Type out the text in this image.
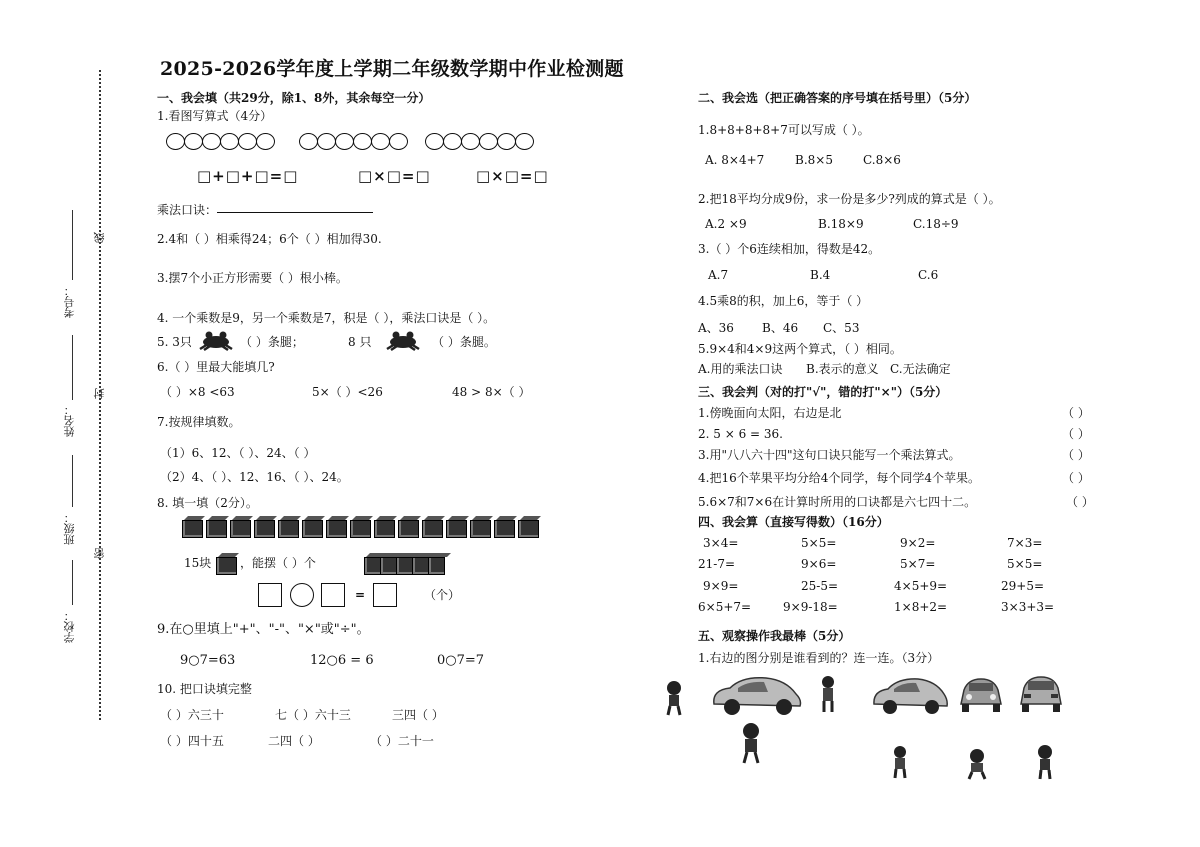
2025-2026学年度上学期二年级数学期中作业检测题
线
封
密
考号：
姓名：
班级：
学校：
一、我会填（共29分，除1、8外，其余每空一分）
1.看图写算式（4分）
□+□+□=□	□×□=□	□×□=□
乘法口诀：
2.4和（ ）相乘得24；6个（ ）相加得30.
3.摆7个小正方形需要（ ）根小棒。
4. 一个乘数是9，另一个乘数是7，积是（ ），乘法口诀是（ ）。
5. 3只	（ ）条腿；	8 只	（ ）条腿。
6.（ ）里最大能填几?
（ ）×8 <63	5×（ ）<26	48 > 8×（ ）
7.按规律填数。
（1）6、12、（ ）、24、（ ）
（2）4、（ ）、12、16、（ ）、24。
8. 填一填（2分）。
15块 ，能摆（ ）个
=	（个）
9.在○里填上"+"、"-"、"×"或"÷"。
9○7=63	12○6 = 6	0○7=7
10. 把口诀填完整
（ ）六三十	七（ ）六十三	三四（ ）
（ ）四十五	二四（ ）	（ ）二十一
二、我会选（把正确答案的序号填在括号里）（5分）
1.8+8+8+8+7可以写成（ ）。
A. 8×4+7	B.8×5	C.8×6
2.把18平均分成9份，求一份是多少?列成的算式是（ ）。
A.2 ×9	B.18×9	C.18÷9
3.（ ）个6连续相加，得数是42。
A.7	B.4	C.6
4.5乘8的积，加上6，等于（ ）
A、36 B、46 C、53
5.9×4和4×9这两个算式，（ ）相同。
A.用的乘法口诀 B.表示的意义 C.无法确定
三、我会判（对的打"√"，错的打"×"）（5分）
1.傍晚面向太阳，右边是北	（ ）
2. 5 × 6 = 36.	（ ）
3.用"八八六十四"这句口诀只能写一个乘法算式。	（ ）
4.把16个苹果平均分给4个同学，每个同学4个苹果。	（ ）
5.6×7和7×6在计算时所用的口诀都是六七四十二。	（ ）
四、我会算（直接写得数）（16分）
3×4=	5×5=	9×2=	7×3=
21-7=	9×6=	5×7=	5×5=
9×9=	25-5=	4×5+9=	29+5=
6×5+7=	9×9-18=	1×8+2=	3×3+3=
五、观察操作我最棒（5分）
1.右边的图分别是谁看到的？连一连。（3分）
